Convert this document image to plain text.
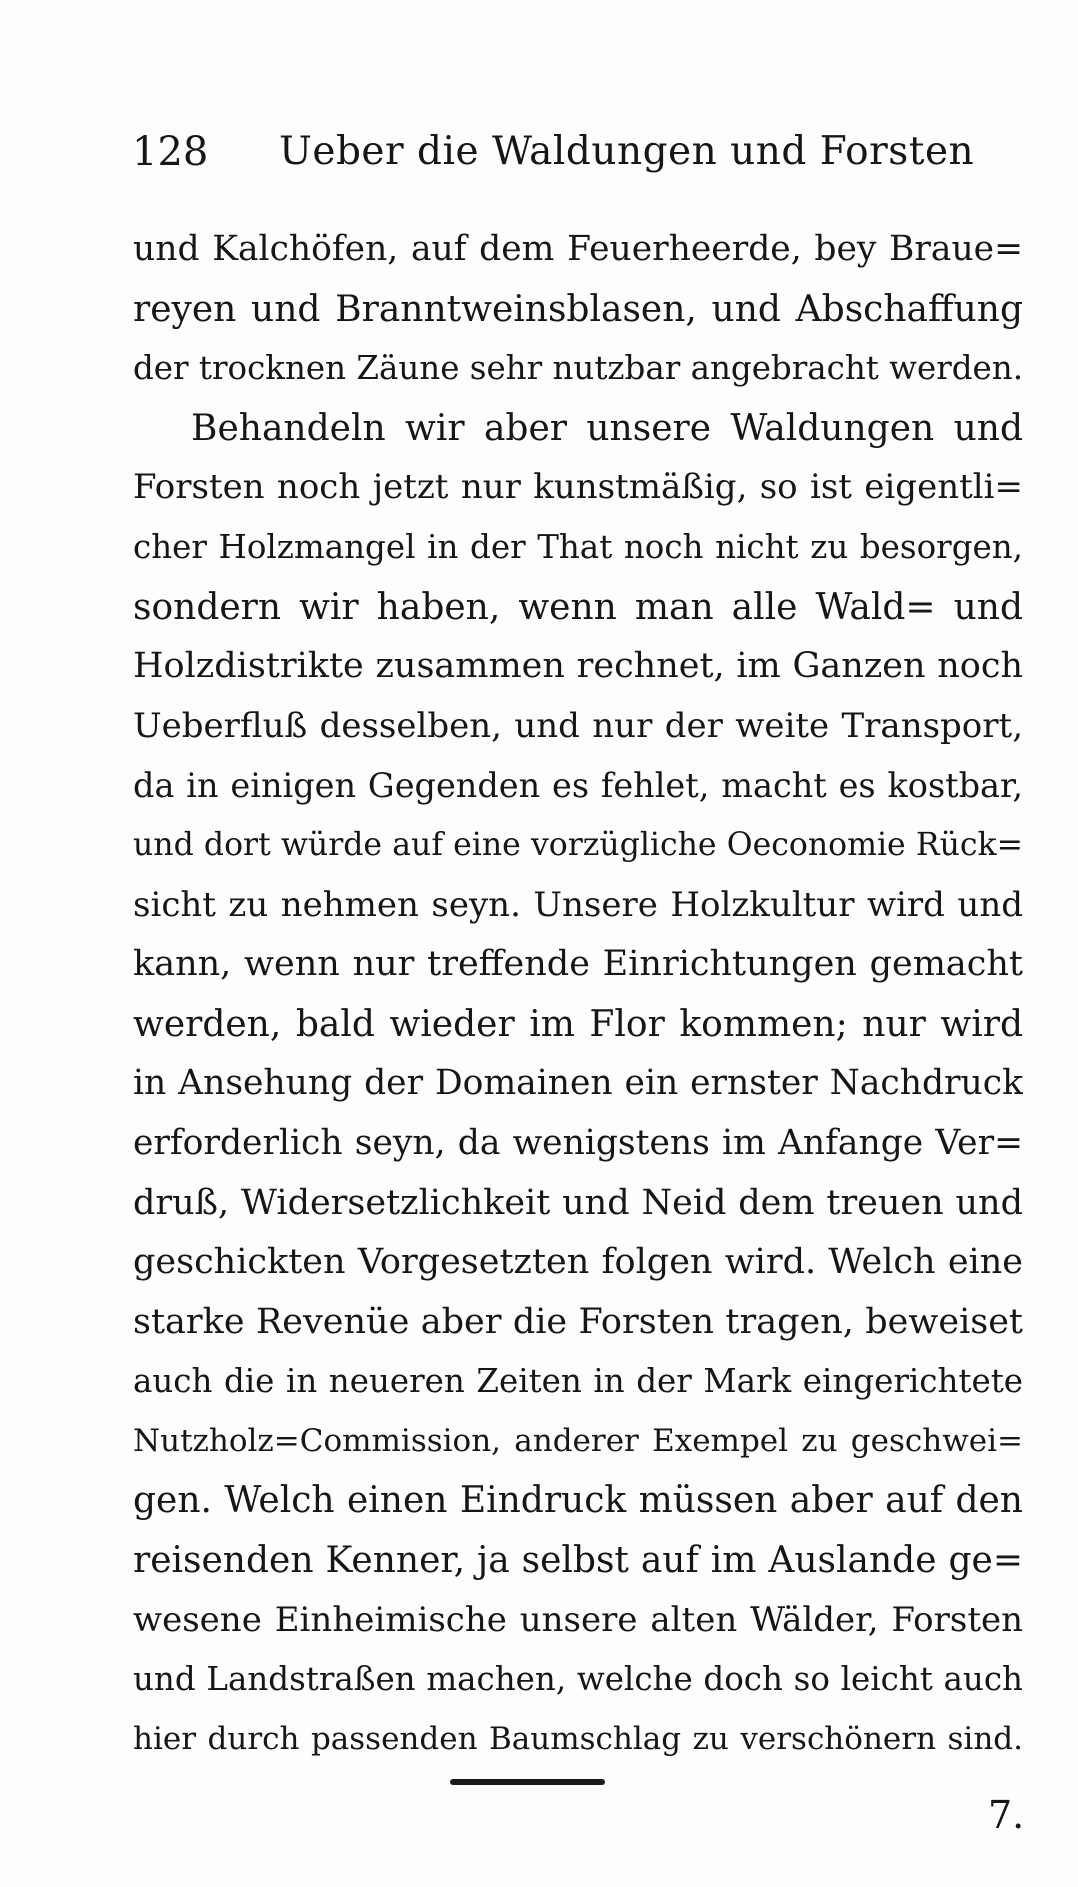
128 Ueber die Waldungen und Forsten
und Kalchöfen, auf dem Feuerheerde, bey Braue=
reyen und Branntweinsblasen, und Abschaffung
der trocknen Zäune sehr nutzbar angebracht werden.
Behandeln wir aber unsere Waldungen und
Forsten noch jetzt nur kunstmäßig, so ist eigentli=
cher Holzmangel in der That noch nicht zu besorgen,
sondern wir haben, wenn man alle Wald= und
Holzdistrikte zusammen rechnet, im Ganzen noch
Ueberfluß desselben, und nur der weite Transport,
da in einigen Gegenden es fehlet, macht es kostbar,
und dort würde auf eine vorzügliche Oeconomie Rück=
sicht zu nehmen seyn. Unsere Holzkultur wird und
kann, wenn nur treffende Einrichtungen gemacht
werden, bald wieder im Flor kommen; nur wird
in Ansehung der Domainen ein ernster Nachdruck
erforderlich seyn, da wenigstens im Anfange Ver=
druß, Widersetzlichkeit und Neid dem treuen und
geschickten Vorgesetzten folgen wird. Welch eine
starke Revenüe aber die Forsten tragen, beweiset
auch die in neueren Zeiten in der Mark eingerichtete
Nutzholz=Commission, anderer Exempel zu geschwei=
gen. Welch einen Eindruck müssen aber auf den
reisenden Kenner, ja selbst auf im Auslande ge=
wesene Einheimische unsere alten Wälder, Forsten
und Landstraßen machen, welche doch so leicht auch
hier durch passenden Baumschlag zu verschönern sind.
7.
